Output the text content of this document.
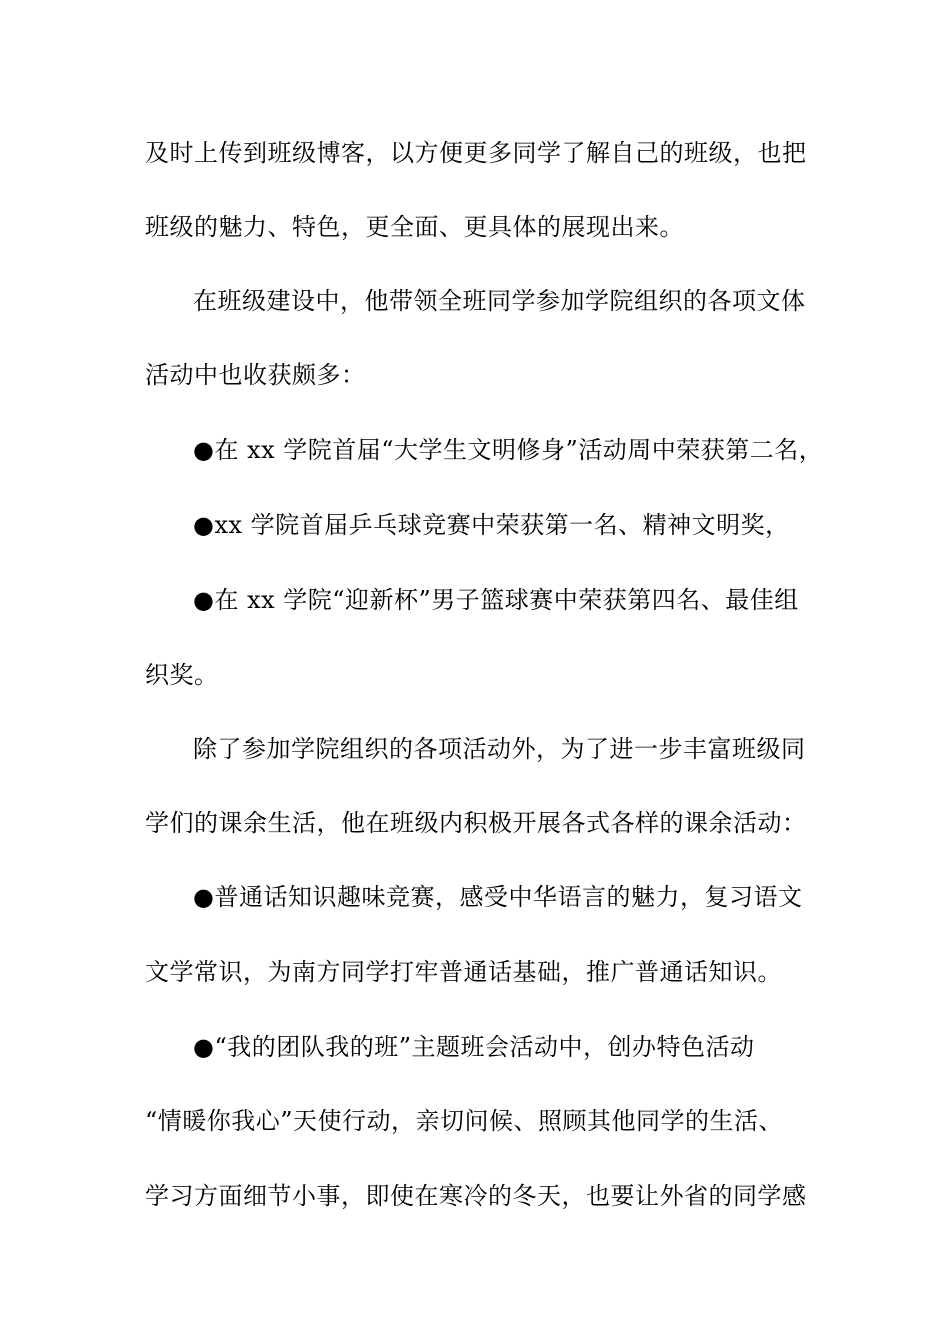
及时上传到班级博客，以方便更多同学了解自己的班级，也把
班级的魅力、特色，更全面、更具体的展现出来。
在班级建设中，他带领全班同学参加学院组织的各项文体
活动中也收获颇多：
●在 xx 学院首届“大学生文明修身”活动周中荣获第二名，
●xx 学院首届乒乓球竞赛中荣获第一名、精神文明奖，
●在 xx 学院“迎新杯”男子篮球赛中荣获第四名、最佳组
织奖。
除了参加学院组织的各项活动外，为了进一步丰富班级同
学们的课余生活，他在班级内积极开展各式各样的课余活动：
●普通话知识趣味竞赛，感受中华语言的魅力，复习语文
文学常识，为南方同学打牢普通话基础，推广普通话知识。
●“我的团队我的班”主题班会活动中，创办特色活动
“情暖你我心”天使行动，亲切问候、照顾其他同学的生活、
学习方面细节小事，即使在寒冷的冬天，也要让外省的同学感
